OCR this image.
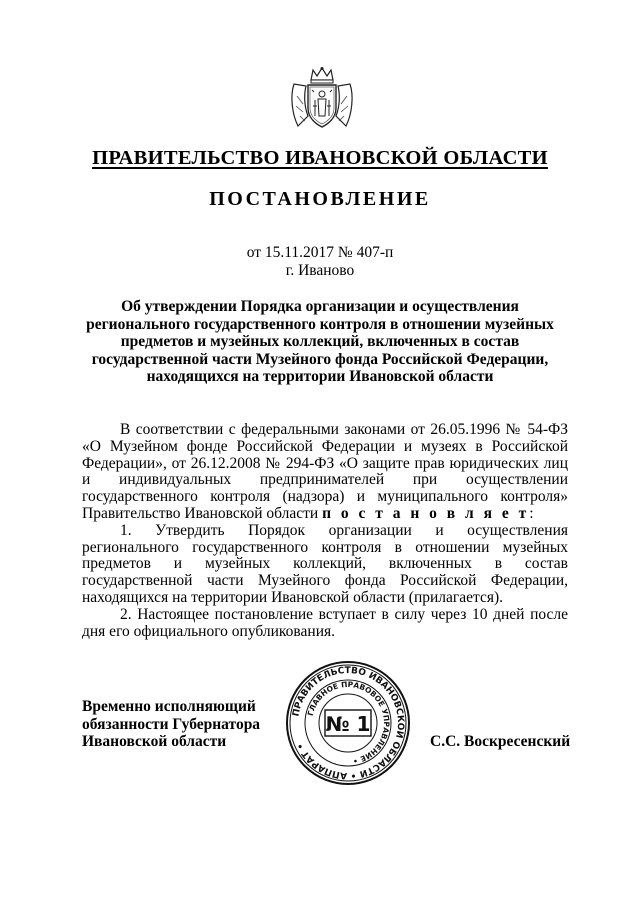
ПРАВИТЕЛЬСТВО ИВАНОВСКОЙ ОБЛАСТИ
ПОСТАНОВЛЕНИЕ
от 15.11.2017 № 407-п
г. Иваново
Об утверждении Порядка организации и осуществления
регионального государственного контроля в отношении музейных
предметов и музейных коллекций, включенных в состав
государственной части Музейного фонда Российской Федерации,
находящихся на территории Ивановской области

В соответствии с федеральными законами от 26.05.1996 № 54-ФЗ «О Музейном фонде Российской Федерации и музеях в Российской Федерации», от 26.12.2008 № 294-ФЗ «О защите прав юридических лиц и индивидуальных предпринимателей при осуществлении государственного контроля (надзора) и муниципального контроля» Правительство Ивановской области п о с т а н о в л я е т:

1. Утвердить Порядок организации и осуществления регионального государственного контроля в отношении музейных предметов и музейных коллекций, включенных в состав государственной части Музейного фонда Российской Федерации, находящихся на территории Ивановской области (прилагается).

2. Настоящее постановление вступает в силу через 10 дней после дня его официального опубликования.

Временно исполняющий
обязанности Губернатора
Ивановской области
ПРАВИТЕЛЬСТВО ИВАНОВСКОЙ ОБЛАСТИ • АППАРАТ •
ГЛАВНОЕ ПРАВОВОЕ УПРАВЛЕНИЕ •
№ 1
С.С. Воскресенский
